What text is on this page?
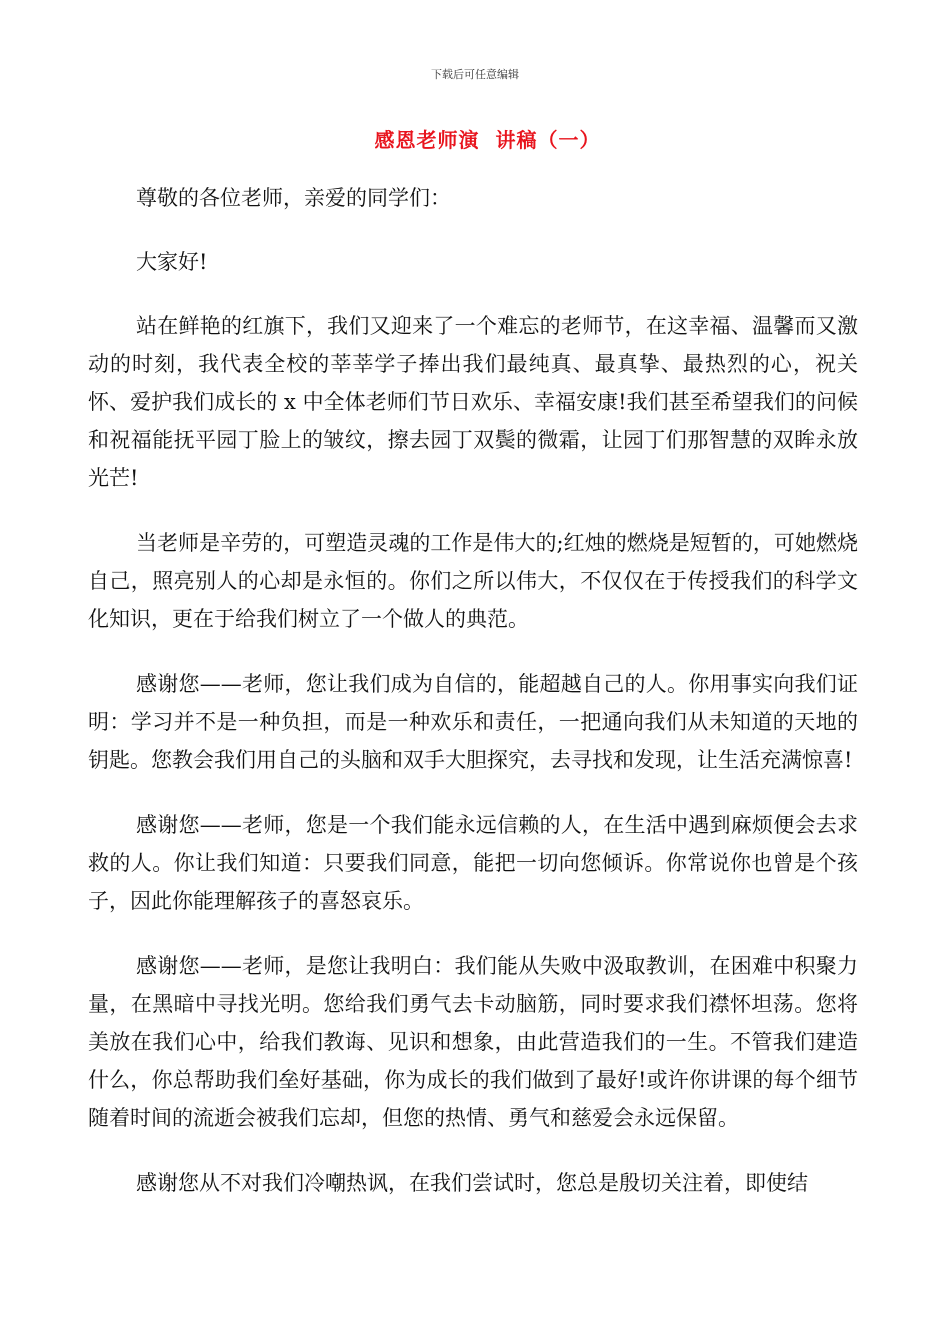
下载后可任意编辑
感恩老师演  讲稿（一）

尊敬的各位老师，亲爱的同学们：

大家好!

站在鲜艳的红旗下，我们又迎来了一个难忘的老师节，在这幸福、温馨而又激动的时刻，我代表全校的莘莘学子捧出我们最纯真、最真挚、最热烈的心，祝关怀、爱护我们成长的 x 中全体老师们节日欢乐、幸福安康!我们甚至希望我们的问候和祝福能抚平园丁脸上的皱纹，擦去园丁双鬓的微霜，让园丁们那智慧的双眸永放光芒!

当老师是辛劳的，可塑造灵魂的工作是伟大的;红烛的燃烧是短暂的，可她燃烧自己，照亮别人的心却是永恒的。你们之所以伟大，不仅仅在于传授我们的科学文化知识，更在于给我们树立了一个做人的典范。

感谢您——老师，您让我们成为自信的，能超越自己的人。你用事实向我们证明：学习并不是一种负担，而是一种欢乐和责任，一把通向我们从未知道的天地的钥匙。您教会我们用自己的头脑和双手大胆探究，去寻找和发现，让生活充满惊喜!

感谢您——老师，您是一个我们能永远信赖的人，在生活中遇到麻烦便会去求救的人。你让我们知道：只要我们同意，能把一切向您倾诉。你常说你也曾是个孩子，因此你能理解孩子的喜怒哀乐。

感谢您——老师，是您让我明白：我们能从失败中汲取教训，在困难中积聚力量，在黑暗中寻找光明。您给我们勇气去卡动脑筋，同时要求我们襟怀坦荡。您将美放在我们心中，给我们教诲、见识和想象，由此营造我们的一生。不管我们建造什么，你总帮助我们垒好基础，你为成长的我们做到了最好!或许你讲课的每个细节随着时间的流逝会被我们忘却，但您的热情、勇气和慈爱会永远保留。

感谢您从不对我们冷嘲热讽，在我们尝试时，您总是殷切关注着，即使结
